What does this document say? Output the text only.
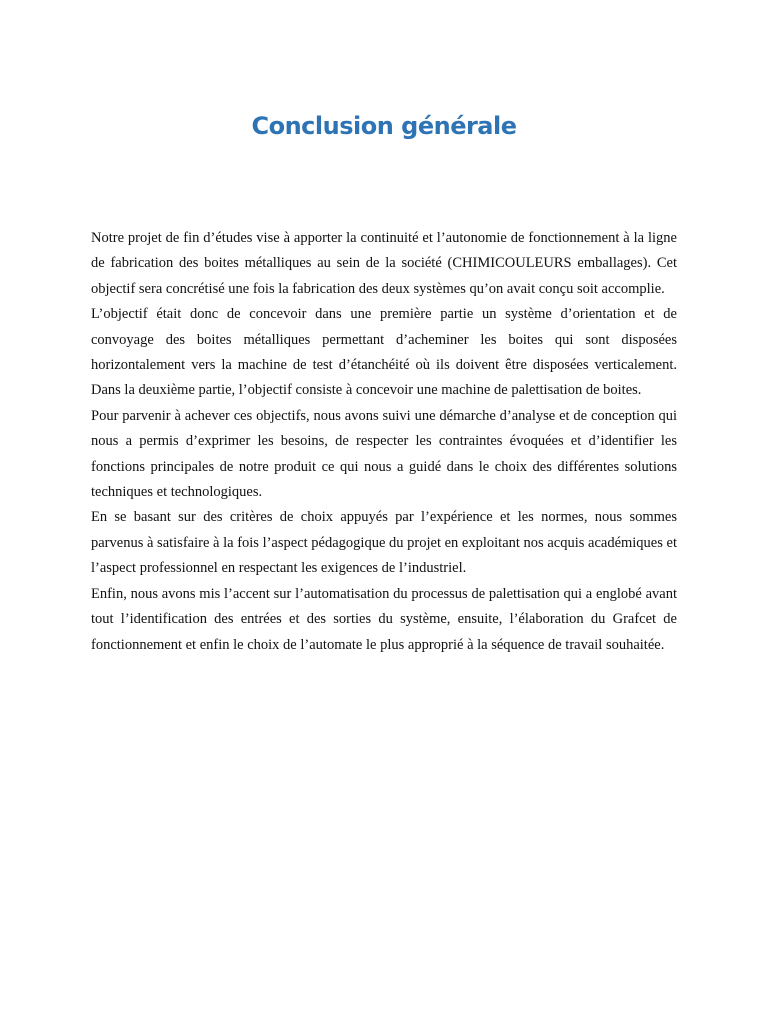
Conclusion générale

Notre projet de fin d’études vise à apporter la continuité et l’autonomie de fonctionnement à la ligne de fabrication des boites métalliques au sein de la société (CHIMICOULEURS emballages). Cet objectif sera concrétisé une fois la fabrication des deux systèmes qu’on avait conçu soit accomplie.

L’objectif était donc de concevoir dans une première partie un système d’orientation et de convoyage des boites métalliques permettant d’acheminer les boites qui sont disposées horizontalement vers la machine de test d’étanchéité où ils doivent être disposées verticalement. Dans la deuxième partie, l’objectif consiste à concevoir une machine de palettisation de boites.

Pour parvenir à achever ces objectifs, nous avons suivi une démarche d’analyse et de conception qui nous a permis d’exprimer les besoins, de respecter les contraintes évoquées et d’identifier les fonctions principales de notre produit ce qui nous a guidé dans le choix des différentes solutions techniques et technologiques.

En se basant sur des critères de choix appuyés par l’expérience et les normes, nous sommes parvenus à satisfaire à la fois l’aspect pédagogique du projet en exploitant nos acquis académiques et l’aspect professionnel en respectant les exigences de l’industriel.

Enfin, nous avons mis l’accent sur l’automatisation du processus de palettisation qui a englobé avant tout l’identification des entrées et des sorties du système, ensuite, l’élaboration du Grafcet de fonctionnement et enfin le choix de l’automate le plus approprié à la séquence de travail souhaitée.
